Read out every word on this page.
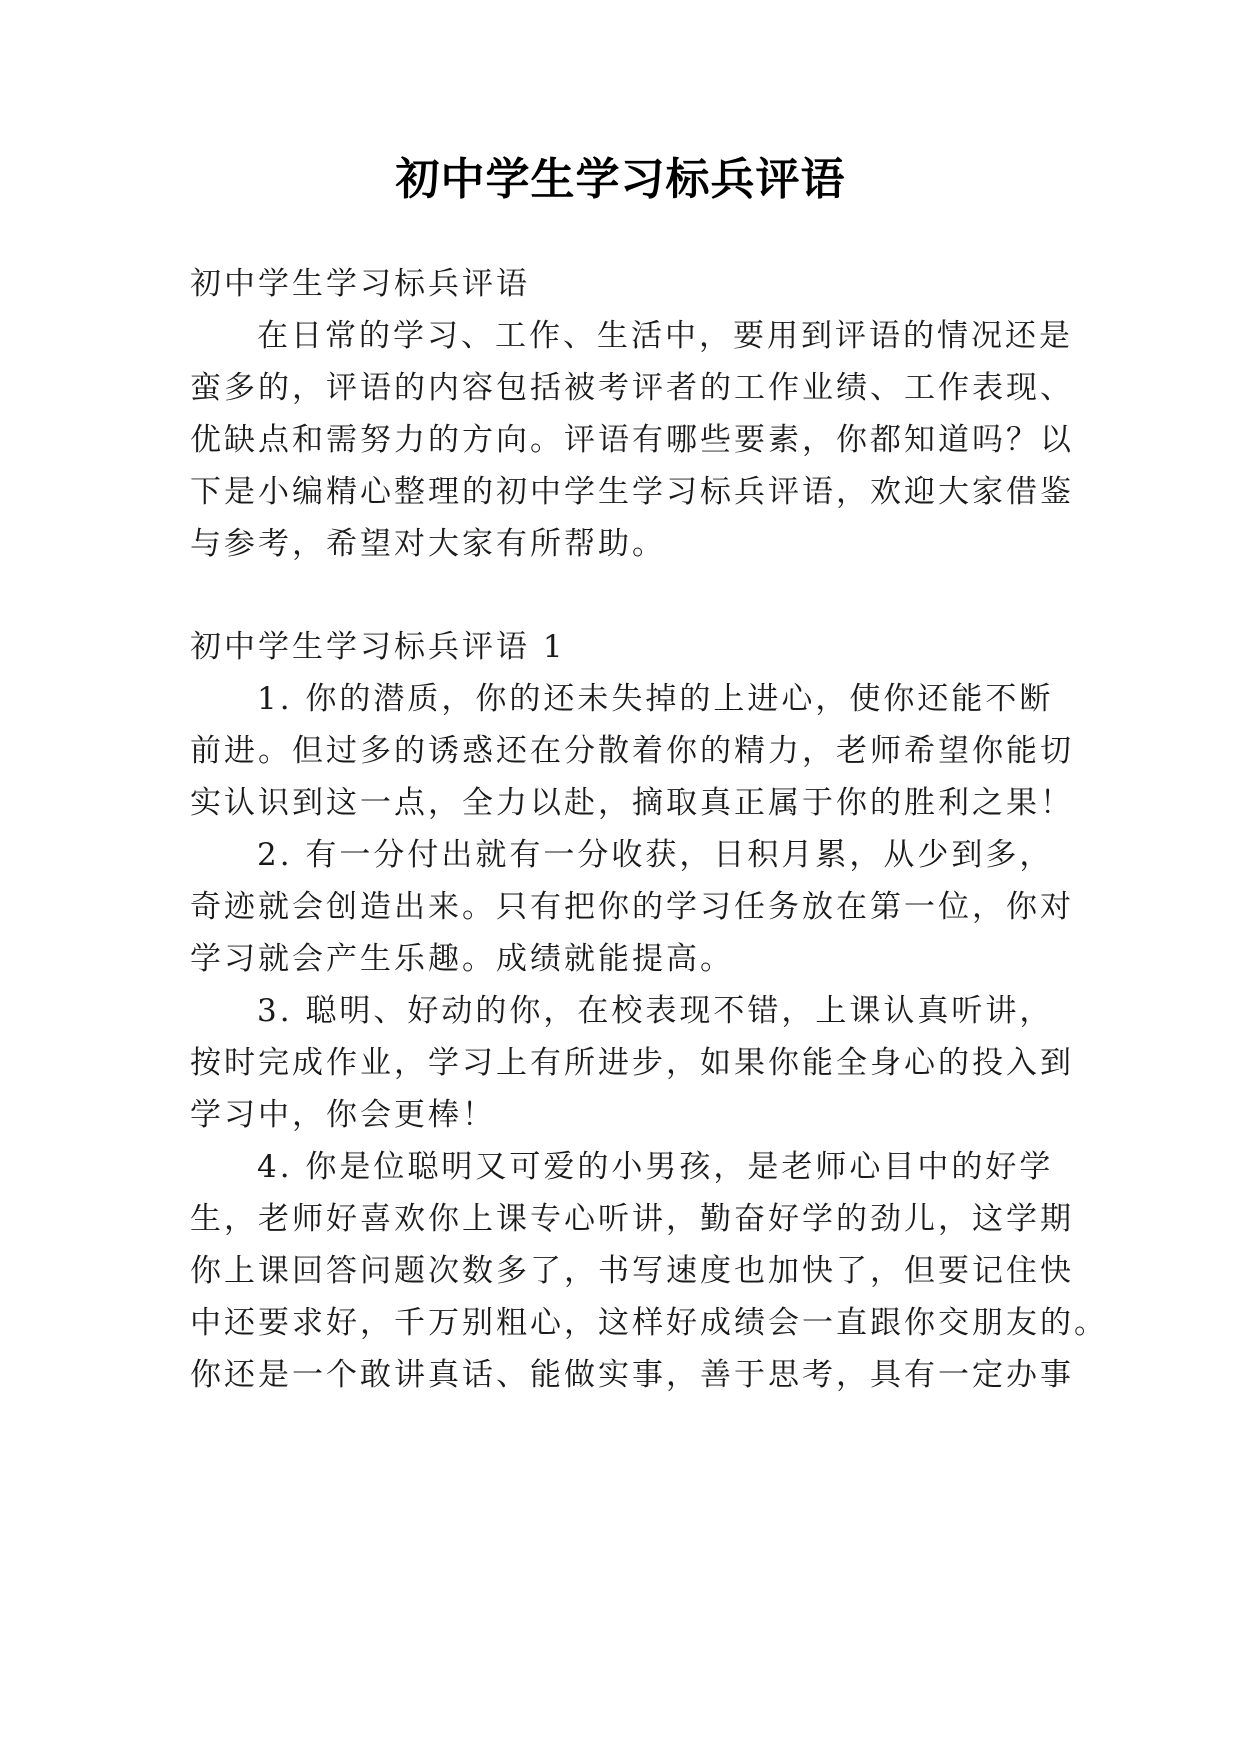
初中学生学习标兵评语
初中学生学习标兵评语
在日常的学习、工作、生活中，要用到评语的情况还是
蛮多的，评语的内容包括被考评者的工作业绩、工作表现、
优缺点和需努力的方向。评语有哪些要素，你都知道吗？以
下是小编精心整理的初中学生学习标兵评语，欢迎大家借鉴
与参考，希望对大家有所帮助。
初中学生学习标兵评语 1
1. 你的潜质，你的还未失掉的上进心，使你还能不断
前进。但过多的诱惑还在分散着你的精力，老师希望你能切
实认识到这一点，全力以赴，摘取真正属于你的胜利之果！
2. 有一分付出就有一分收获，日积月累，从少到多，
奇迹就会创造出来。只有把你的学习任务放在第一位，你对
学习就会产生乐趣。成绩就能提高。
3. 聪明、好动的你，在校表现不错，上课认真听讲，
按时完成作业，学习上有所进步，如果你能全身心的投入到
学习中，你会更棒！
4. 你是位聪明又可爱的小男孩，是老师心目中的好学
生，老师好喜欢你上课专心听讲，勤奋好学的劲儿，这学期
你上课回答问题次数多了，书写速度也加快了，但要记住快
中还要求好，千万别粗心，这样好成绩会一直跟你交朋友的。
你还是一个敢讲真话、能做实事，善于思考，具有一定办事
